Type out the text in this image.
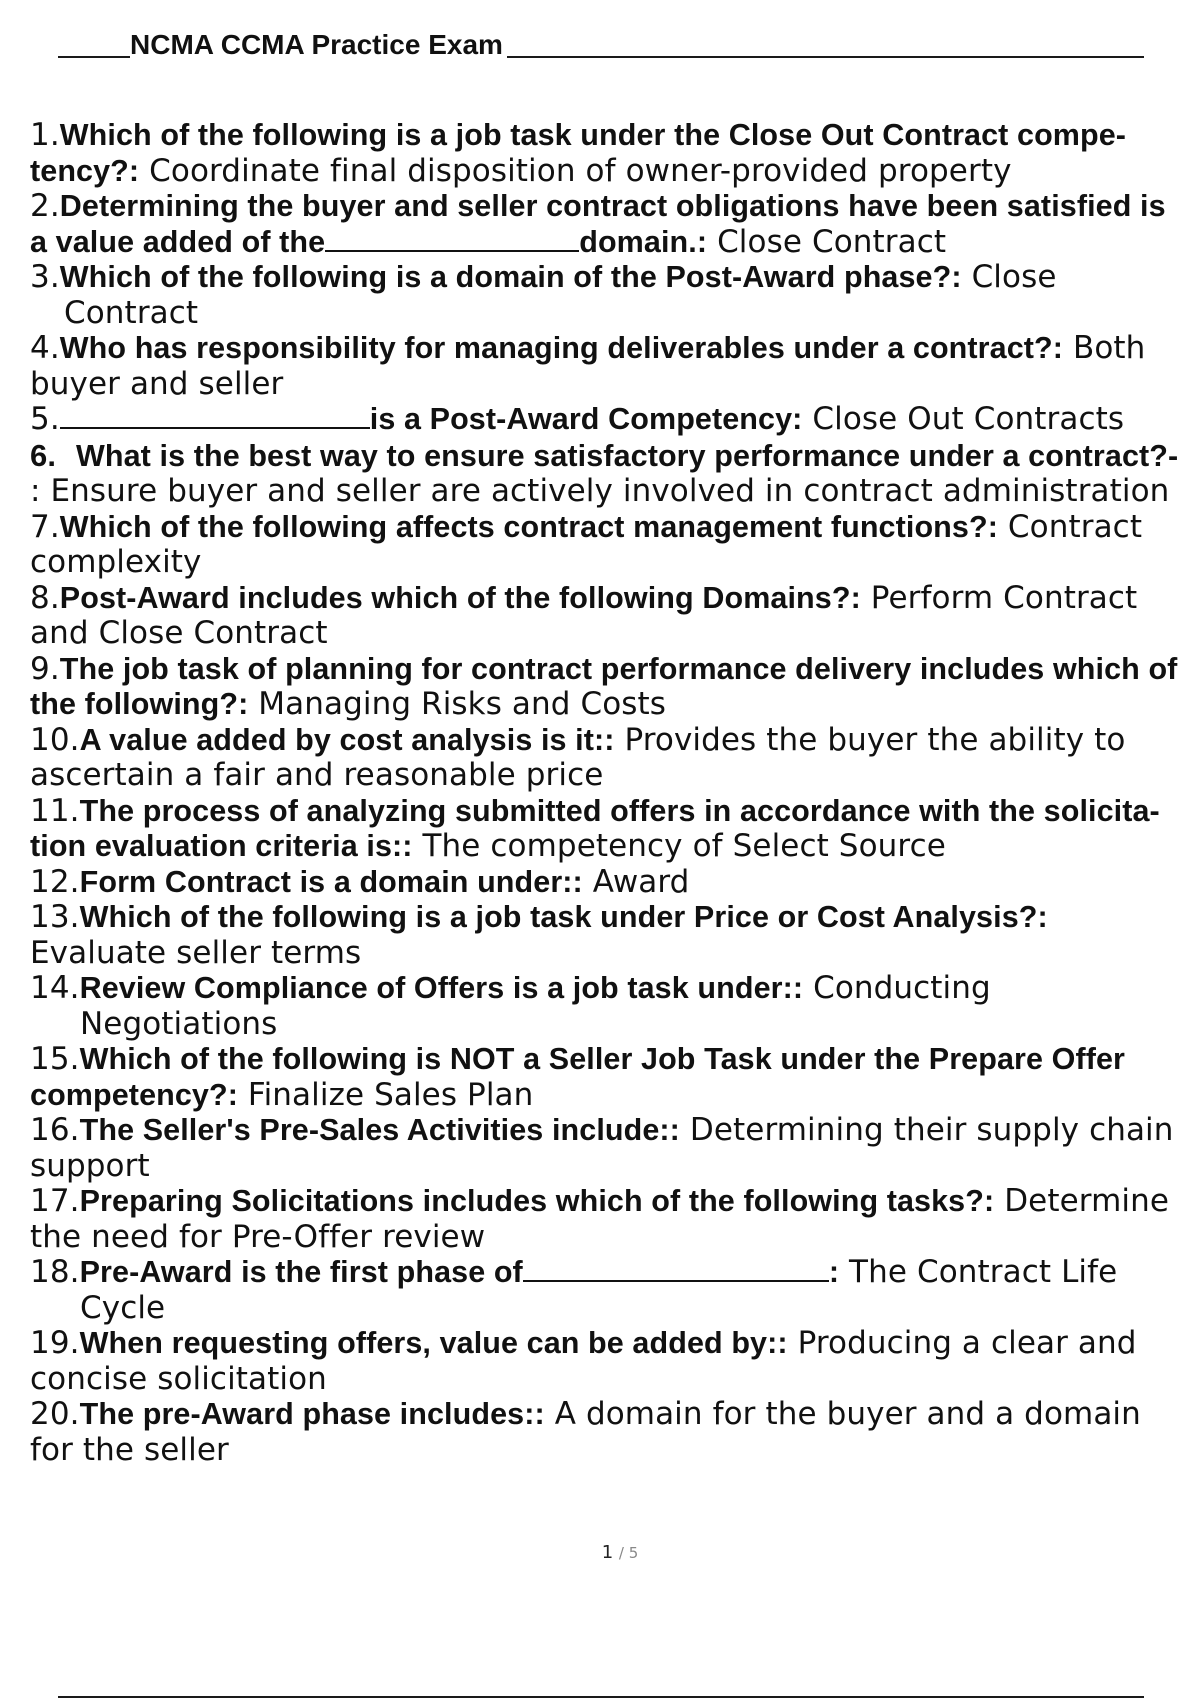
NCMA CCMA Practice Exam
1.Which of the following is a job task under the Close Out Contract compe- tency?: Coordinate final disposition of owner-provided property
2.Determining the buyer and seller contract obligations have been satisfied is a value added of the	domain.: Close Contract
3.Which of the following is a domain of the Post-Award phase?: Close Contract
4.Who has responsibility for managing deliverables under a contract?: Both buyer and seller
5.	is a Post-Award Competency: Close Out Contracts
6. What is the best way to ensure satisfactory performance under a contract?-
: Ensure buyer and seller are actively involved in contract administration
7.Which of the following affects contract management functions?: Contract complexity
8.Post-Award includes which of the following Domains?: Perform Contract and Close Contract
9.The job task of planning for contract performance delivery includes which of the following?: Managing Risks and Costs
10.A value added by cost analysis is it:: Provides the buyer the ability to ascertain a fair and reasonable price
11.The process of analyzing submitted offers in accordance with the solicita- tion evaluation criteria is:: The competency of Select Source
12.Form Contract is a domain under:: Award
13.Which of the following is a job task under Price or Cost Analysis?: Evaluate seller terms
14.Review Compliance of Offers is a job task under:: Conducting Negotiations
15.Which of the following is NOT a Seller Job Task under the Prepare Offer competency?: Finalize Sales Plan
16.The Seller's Pre-Sales Activities include:: Determining their supply chain support
17.Preparing Solicitations includes which of the following tasks?: Determine the need for Pre-Offer review
18.Pre-Award is the first phase of	: The Contract Life Cycle
19.When requesting offers, value can be added by:: Producing a clear and concise solicitation
20.The pre-Award phase includes:: A domain for the buyer and a domain for the seller
1 / 5
